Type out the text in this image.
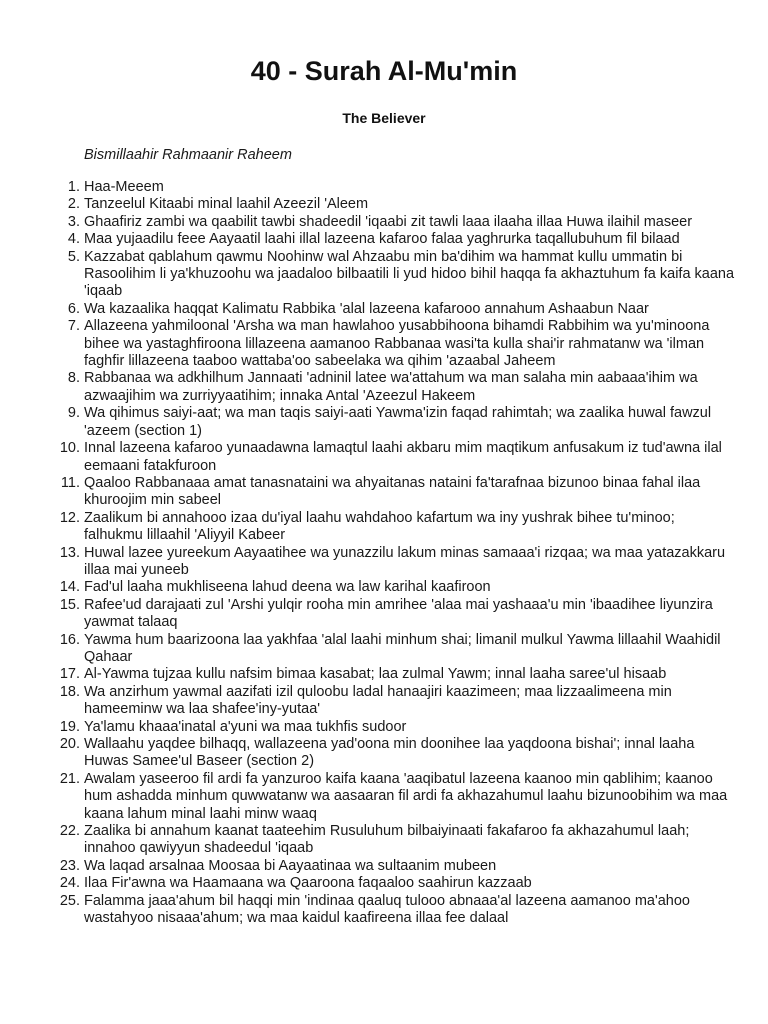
40 - Surah Al-Mu'min
The Believer

Bismillaahir Rahmaanir Raheem

1. Haa-Meeem
2. Tanzeelul Kitaabi minal laahil Azeezil 'Aleem
3. Ghaafiriz zambi wa qaabilit tawbi shadeedil 'iqaabi zit tawli laaa ilaaha illaa Huwa ilaihil maseer
4. Maa yujaadilu feee Aayaatil laahi illal lazeena kafaroo falaa yaghrurka taqallubuhum fil bilaad
5. Kazzabat qablahum qawmu Noohinw wal Ahzaabu min ba'dihim wa hammat kullu ummatin bi Rasoolihim li ya'khuzoohu wa jaadaloo bilbaatili li yud hidoo bihil haqqa fa akhaztuhum fa kaifa kaana 'iqaab
6. Wa kazaalika haqqat Kalimatu Rabbika 'alal lazeena kafarooo annahum Ashaabun Naar
7. Allazeena yahmiloonal 'Arsha wa man hawlahoo yusabbihoona bihamdi Rabbihim wa yu'minoona bihee wa yastaghfiroona lillazeena aamanoo Rabbanaa wasi'ta kulla shai'ir rahmatanw wa 'ilman faghfir lillazeena taaboo wattaba'oo sabeelaka wa qihim 'azaabal Jaheem
8. Rabbanaa wa adkhilhum Jannaati 'adninil latee wa'attahum wa man salaha min aabaaa'ihim wa azwaajihim wa zurriyyaatihim; innaka Antal 'Azeezul Hakeem
9. Wa qihimus saiyi-aat; wa man taqis saiyi-aati Yawma'izin faqad rahimtah; wa zaalika huwal fawzul 'azeem (section 1)
10. Innal lazeena kafaroo yunaadawna lamaqtul laahi akbaru mim maqtikum anfusakum iz tud'awna ilal eemaani fatakfuroon
11. Qaaloo Rabbanaaa amat tanasnataini wa ahyaitanas nataini fa'tarafnaa bizunoo binaa fahal ilaa khuroojim min sabeel
12. Zaalikum bi annahooo izaa du'iyal laahu wahdahoo kafartum wa iny yushrak bihee tu'minoo; falhukmu lillaahil 'Aliyyil Kabeer
13. Huwal lazee yureekum Aayaatihee wa yunazzilu lakum minas samaaa'i rizqaa; wa maa yatazakkaru illaa mai yuneeb
14. Fad'ul laaha mukhliseena lahud deena wa law karihal kaafiroon
15. Rafee'ud darajaati zul 'Arshi yulqir rooha min amrihee 'alaa mai yashaaa'u min 'ibaadihee liyunzira yawmat talaaq
16. Yawma hum baarizoona laa yakhfaa 'alal laahi minhum shai; limanil mulkul Yawma lillaahil Waahidil Qahaar
17. Al-Yawma tujzaa kullu nafsim bimaa kasabat; laa zulmal Yawm; innal laaha saree'ul hisaab
18. Wa anzirhum yawmal aazifati izil quloobu ladal hanaajiri kaazimeen; maa lizzaalimeena min hameeminw wa laa shafee'iny-yutaa'
19. Ya'lamu khaaa'inatal a'yuni wa maa tukhfis sudoor
20. Wallaahu yaqdee bilhaqq, wallazeena yad'oona min doonihee laa yaqdoona bishai'; innal laaha Huwas Samee'ul Baseer (section 2)
21. Awalam yaseeroo fil ardi fa yanzuroo kaifa kaana 'aaqibatul lazeena kaanoo min qablihim; kaanoo hum ashadda minhum quwwatanw wa aasaaran fil ardi fa akhazahumul laahu bizunoobihim wa maa kaana lahum minal laahi minw waaq
22. Zaalika bi annahum kaanat taateehim Rusuluhum bilbaiyinaati fakafaroo fa akhazahumul laah; innahoo qawiyyun shadeedul 'iqaab
23. Wa laqad arsalnaa Moosaa bi Aayaatinaa wa sultaanim mubeen
24. Ilaa Fir'awna wa Haamaana wa Qaaroona faqaaloo saahirun kazzaab
25. Falamma jaaa'ahum bil haqqi min 'indinaa qaaluq tulooo abnaaa'al lazeena aamanoo ma'ahoo wastahyoo nisaaa'ahum; wa maa kaidul kaafireena illaa fee dalaal
